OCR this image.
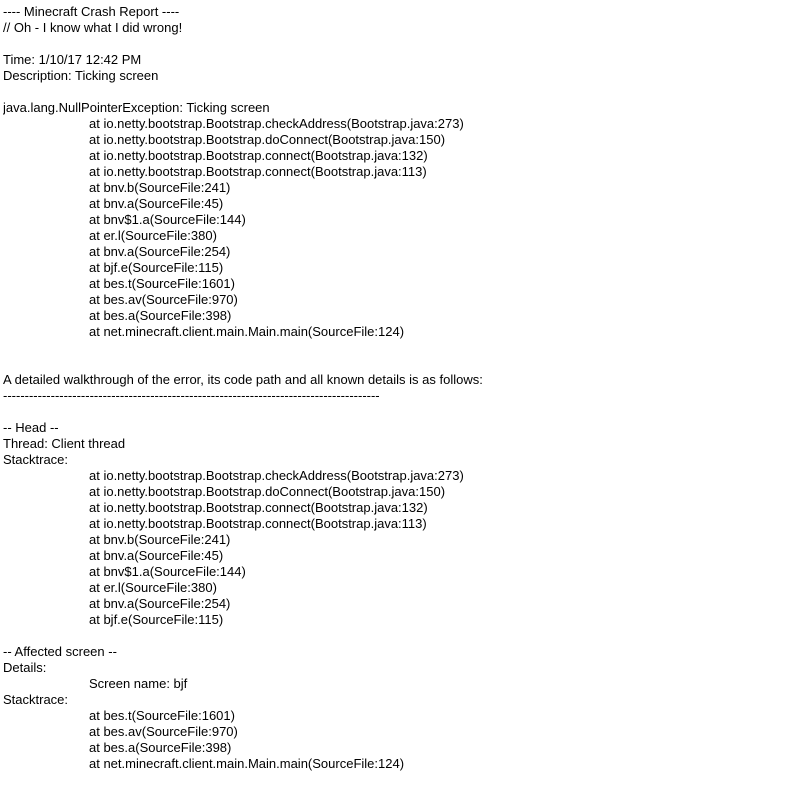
---- Minecraft Crash Report ----
// Oh - I know what I did wrong!

Time: 1/10/17 12:42 PM
Description: Ticking screen

java.lang.NullPointerException: Ticking screen
at io.netty.bootstrap.Bootstrap.checkAddress(Bootstrap.java:273)
at io.netty.bootstrap.Bootstrap.doConnect(Bootstrap.java:150)
at io.netty.bootstrap.Bootstrap.connect(Bootstrap.java:132)
at io.netty.bootstrap.Bootstrap.connect(Bootstrap.java:113)
at bnv.b(SourceFile:241)
at bnv.a(SourceFile:45)
at bnv$1.a(SourceFile:144)
at er.l(SourceFile:380)
at bnv.a(SourceFile:254)
at bjf.e(SourceFile:115)
at bes.t(SourceFile:1601)
at bes.av(SourceFile:970)
at bes.a(SourceFile:398)
at net.minecraft.client.main.Main.main(SourceFile:124)

A detailed walkthrough of the error, its code path and all known details is as follows:
---------------------------------------------------------------------------------------

-- Head --
Thread: Client thread
Stacktrace:
at io.netty.bootstrap.Bootstrap.checkAddress(Bootstrap.java:273)
at io.netty.bootstrap.Bootstrap.doConnect(Bootstrap.java:150)
at io.netty.bootstrap.Bootstrap.connect(Bootstrap.java:132)
at io.netty.bootstrap.Bootstrap.connect(Bootstrap.java:113)
at bnv.b(SourceFile:241)
at bnv.a(SourceFile:45)
at bnv$1.a(SourceFile:144)
at er.l(SourceFile:380)
at bnv.a(SourceFile:254)
at bjf.e(SourceFile:115)

-- Affected screen --
Details:
Screen name: bjf
Stacktrace:
at bes.t(SourceFile:1601)
at bes.av(SourceFile:970)
at bes.a(SourceFile:398)
at net.minecraft.client.main.Main.main(SourceFile:124)
